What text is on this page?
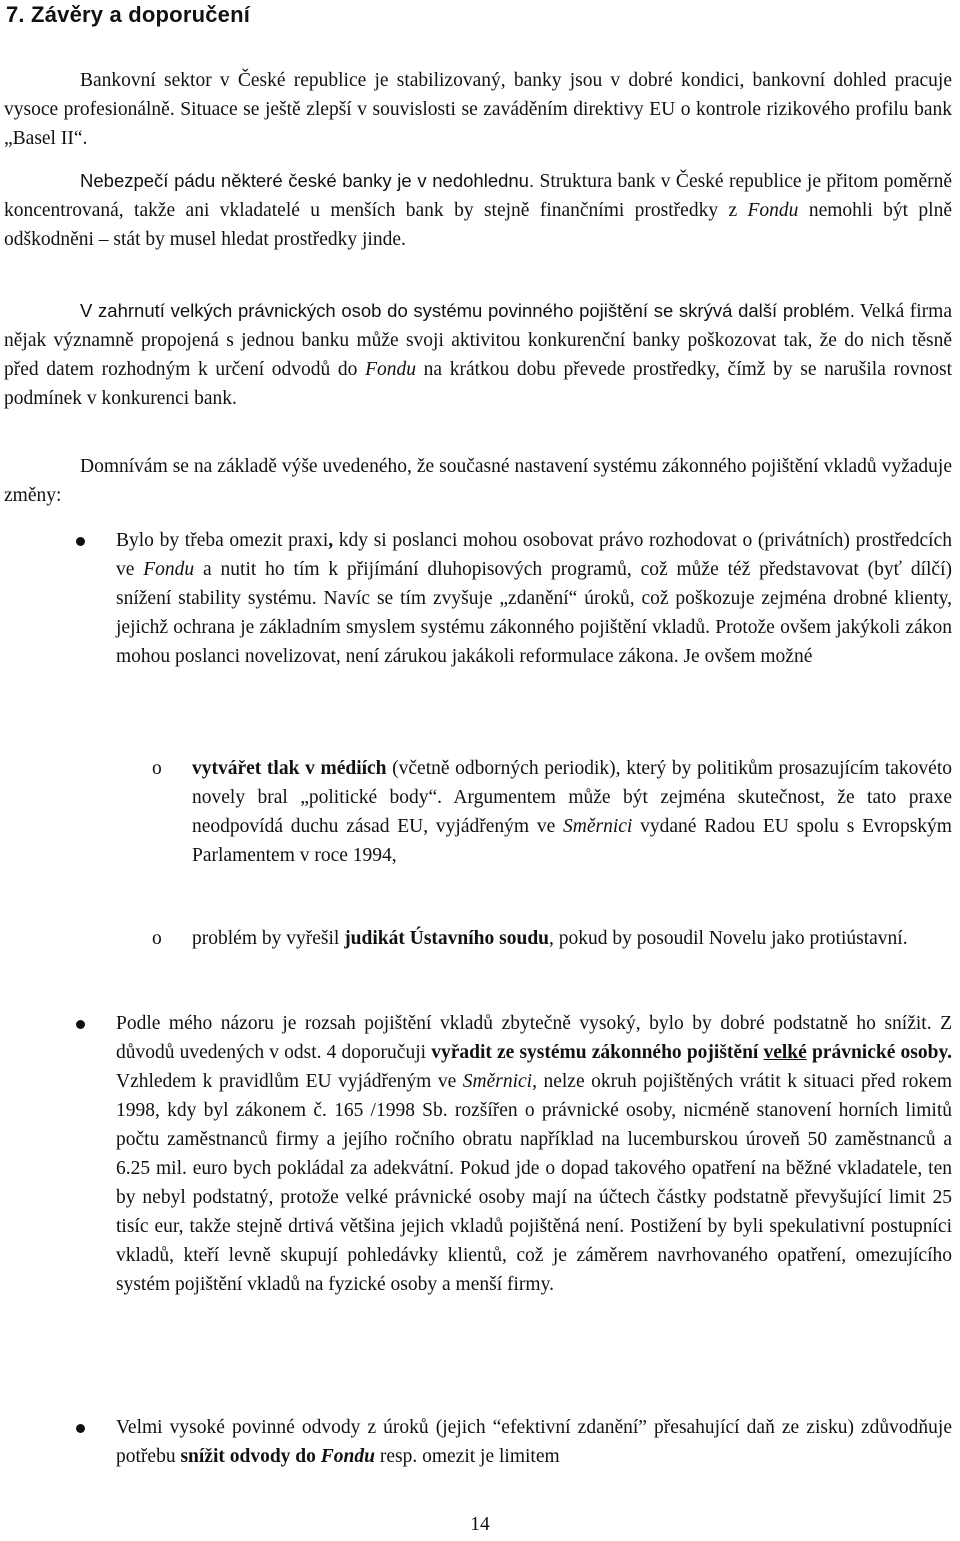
7. Závěry a doporučení

Bankovní sektor v České republice je stabilizovaný, banky jsou v dobré kondici, bankovní dohled pracuje vysoce profesionálně. Situace se ještě zlepší v souvislosti se zaváděním direktivy EU o kontrole rizikového profilu bank „Basel II“.

Nebezpečí pádu některé české banky je v nedohlednu. Struktura bank v České republice je přitom poměrně koncentrovaná, takže ani vkladatelé u menších bank by stejně finančními prostředky z Fondu nemohli být plně odškodněni – stát by musel hledat prostředky jinde.

V zahrnutí velkých právnických osob do systému povinného pojištění se skrývá další problém. Velká firma nějak významně propojená s jednou banku může svoji aktivitou konkurenční banky poškozovat tak, že do nich těsně před datem rozhodným k určení odvodů do Fondu na krátkou dobu převede prostředky, čímž by se narušila rovnost podmínek v konkurenci bank.

Domnívám se na základě výše uvedeného, že současné nastavení systému zákonného pojištění vkladů vyžaduje změny:

Bylo by třeba omezit praxi, kdy si poslanci mohou osobovat právo rozhodovat o (privátních) prostředcích ve Fondu a nutit ho tím k přijímání dluhopisových programů, což může též představovat (byť dílčí) snížení stability systému. Navíc se tím zvyšuje „zdanění“ úroků, což poškozuje zejména drobné klienty, jejichž ochrana je základním smyslem systému zákonného pojištění vkladů. Protože ovšem jakýkoli zákon mohou poslanci novelizovat, není zárukou jakákoli reformulace zákona. Je ovšem možné

o vytvářet tlak v médiích (včetně odborných periodik), který by politikům prosazujícím takovéto novely bral „politické body“. Argumentem může být zejména skutečnost, že tato praxe neodpovídá duchu zásad EU, vyjádřeným ve Směrnici vydané Radou EU spolu s Evropským Parlamentem v roce 1994,

o problém by vyřešil judikát Ústavního soudu, pokud by posoudil Novelu jako protiústavní.

Podle mého názoru je rozsah pojištění vkladů zbytečně vysoký, bylo by dobré podstatně ho snížit. Z důvodů uvedených v odst. 4 doporučuji vyřadit ze systému zákonného pojištění velké právnické osoby. Vzhledem k pravidlům EU vyjádřeným ve Směrnici, nelze okruh pojištěných vrátit k situaci před rokem 1998, kdy byl zákonem č. 165 /1998 Sb. rozšířen o právnické osoby, nicméně stanovení horních limitů počtu zaměstnanců firmy a jejího ročního obratu například na lucemburskou úroveň 50 zaměstnanců a 6.25 mil. euro bych pokládal za adekvátní. Pokud jde o dopad takového opatření na běžné vkladatele, ten by nebyl podstatný, protože velké právnické osoby mají na účtech částky podstatně převyšující limit 25 tisíc eur, takže stejně drtivá většina jejich vkladů pojištěná není. Postižení by byli spekulativní postupníci vkladů, kteří levně skupují pohledávky klientů, což je záměrem navrhovaného opatření, omezujícího systém pojištění vkladů na fyzické osoby a menší firmy.

Velmi vysoké povinné odvody z úroků (jejich “efektivní zdanění” přesahující daň ze zisku) zdůvodňuje potřebu snížit odvody do Fondu resp. omezit je limitem

14
